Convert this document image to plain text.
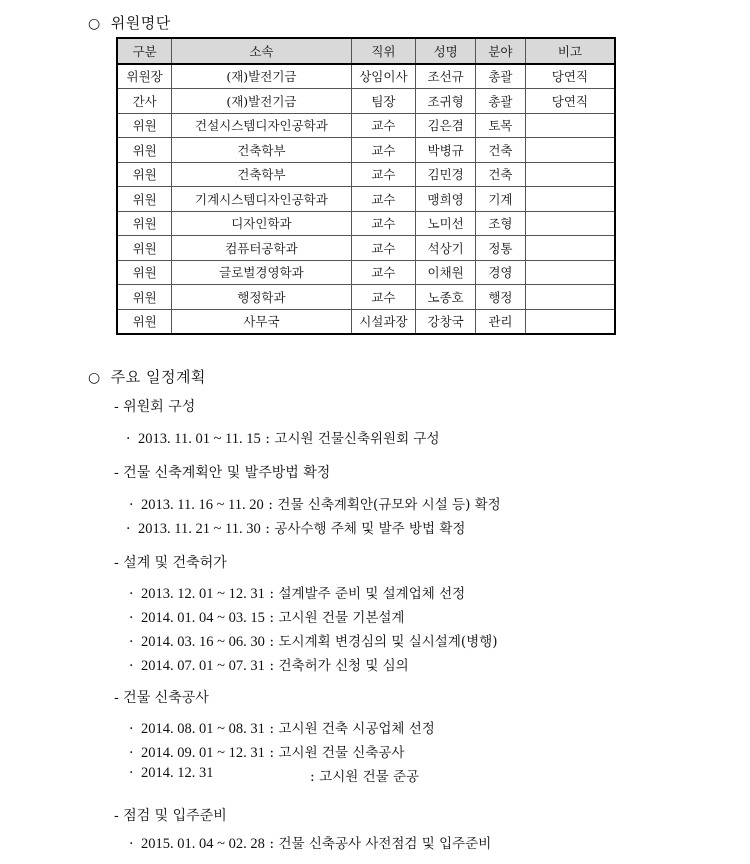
○ 위원명단
구분	소속	직위	성명	분야	비고
위원장	(재)발전기금	상임이사	조선규	총괄	당연직
간사	(재)발전기금	팀장	조귀형	총괄	당연직
위원	건설시스템디자인공학과	교수	김은겸	토목	
위원	건축학부	교수	박병규	건축	
위원	건축학부	교수	김민경	건축	
위원	기계시스템디자인공학과	교수	맹희영	기계	
위원	디자인학과	교수	노미선	조형	
위원	컴퓨터공학과	교수	석상기	정통	
위원	글로벌경영학과	교수	이채원	경영	
위원	행정학과	교수	노종호	행정	
위원	사무국	시설과장	강창국	관리	
○ 주요 일정계획
- 위원회 구성
· 2013. 11. 01 ~ 11. 15 : 고시원 건물신축위원회 구성
- 건물 신축계획안 및 발주방법 확정
· 2013. 11. 16 ~ 11. 20 : 건물 신축계획안(규모와 시설 등) 확정
· 2013. 11. 21 ~ 11. 30 : 공사수행 주체 및 발주 방법 확정
- 설계 및 건축허가
· 2013. 12. 01 ~ 12. 31 : 설계발주 준비 및 설계업체 선정
· 2014. 01. 04 ~ 03. 15 : 고시원 건물 기본설계
· 2014. 03. 16 ~ 06. 30 : 도시계획 변경심의 및 실시설계(병행)
· 2014. 07. 01 ~ 07. 31 : 건축허가 신청 및 심의
- 건물 신축공사
· 2014. 08. 01 ~ 08. 31 : 고시원 건축 시공업체 선정
· 2014. 09. 01 ~ 12. 31 : 고시원 건물 신축공사
· 2014. 12. 31	: 고시원 건물 준공
- 점검 및 입주준비
· 2015. 01. 04 ~ 02. 28 : 건물 신축공사 사전점검 및 입주준비
